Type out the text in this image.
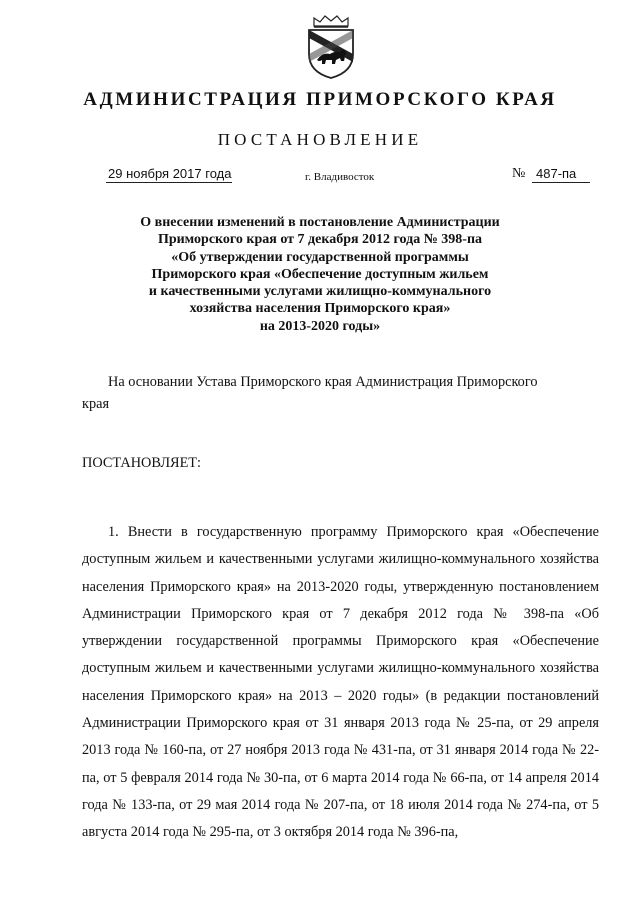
АДМИНИСТРАЦИЯ ПРИМОРСКОГО КРАЯ
ПОСТАНОВЛЕНИЕ
29 ноября 2017 года	г. Владивосток	№ 487-па
О внесении изменений в постановление Администрации
Приморского края от 7 декабря 2012 года № 398-па
«Об утверждении государственной программы
Приморского края «Обеспечение доступным жильем
и качественными услугами жилищно-коммунального
хозяйства населения Приморского края»
на 2013-2020 годы»

На основании Устава Приморского края Администрация Приморского

края
ПОСТАНОВЛЯЕТ:

1. Внести в государственную программу Приморского края «Обеспечение доступным жильем и качественными услугами жилищно-коммунального хозяйства населения Приморского края» на 2013-2020 годы, утвержденную постановлением Администрации Приморского края от 7 декабря 2012 года № 398-па «Об утверждении государственной программы Приморского края «Обеспечение доступным жильем и качественными услугами жилищно-коммунального хозяйства населения Приморского края» на 2013 – 2020 годы» (в редакции постановлений Администрации Приморского края от 31 января 2013 года № 25-па, от 29 апреля 2013 года № 160-па, от 27 ноября 2013 года № 431-па, от 31 января 2014 года № 22-па, от 5 февраля 2014 года № 30-па, от 6 марта 2014 года № 66-па, от 14 апреля 2014 года № 133-па, от 29 мая 2014 года № 207-па, от 18 июля 2014 года № 274-па, от 5 августа 2014 года № 295-па, от 3 октября 2014 года № 396-па,
